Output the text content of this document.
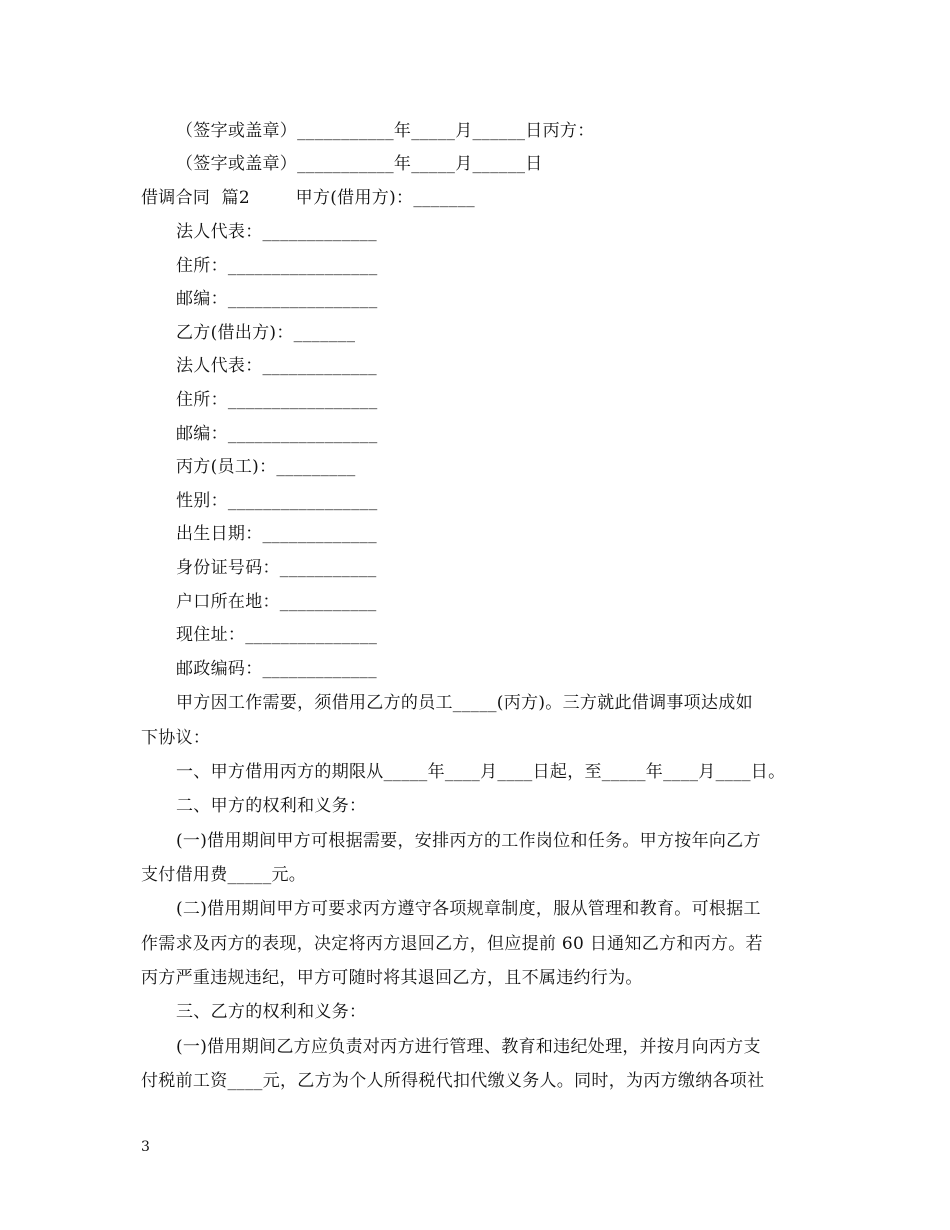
（签字或盖章）___________年_____月______日丙方：
（签字或盖章）___________年_____月______日
借调合同  篇2        甲方(借用方)：_______
法人代表：_____________
住所：_________________
邮编：_________________
乙方(借出方)：_______
法人代表：_____________
住所：_________________
邮编：_________________
丙方(员工)：_________
性别：_________________
出生日期：_____________
身份证号码：___________
户口所在地：___________
现住址：_______________
邮政编码：_____________
甲方因工作需要，须借用乙方的员工_____(丙方)。三方就此借调事项达成如
下协议：
一、甲方借用丙方的期限从_____年____月____日起，至_____年____月____日。
二、甲方的权利和义务：
(一)借用期间甲方可根据需要，安排丙方的工作岗位和任务。甲方按年向乙方
支付借用费_____元。
(二)借用期间甲方可要求丙方遵守各项规章制度，服从管理和教育。可根据工
作需求及丙方的表现，决定将丙方退回乙方，但应提前 60 日通知乙方和丙方。若
丙方严重违规违纪，甲方可随时将其退回乙方，且不属违约行为。
三、乙方的权利和义务：
(一)借用期间乙方应负责对丙方进行管理、教育和违纪处理，并按月向丙方支
付税前工资____元，乙方为个人所得税代扣代缴义务人。同时，为丙方缴纳各项社
3
